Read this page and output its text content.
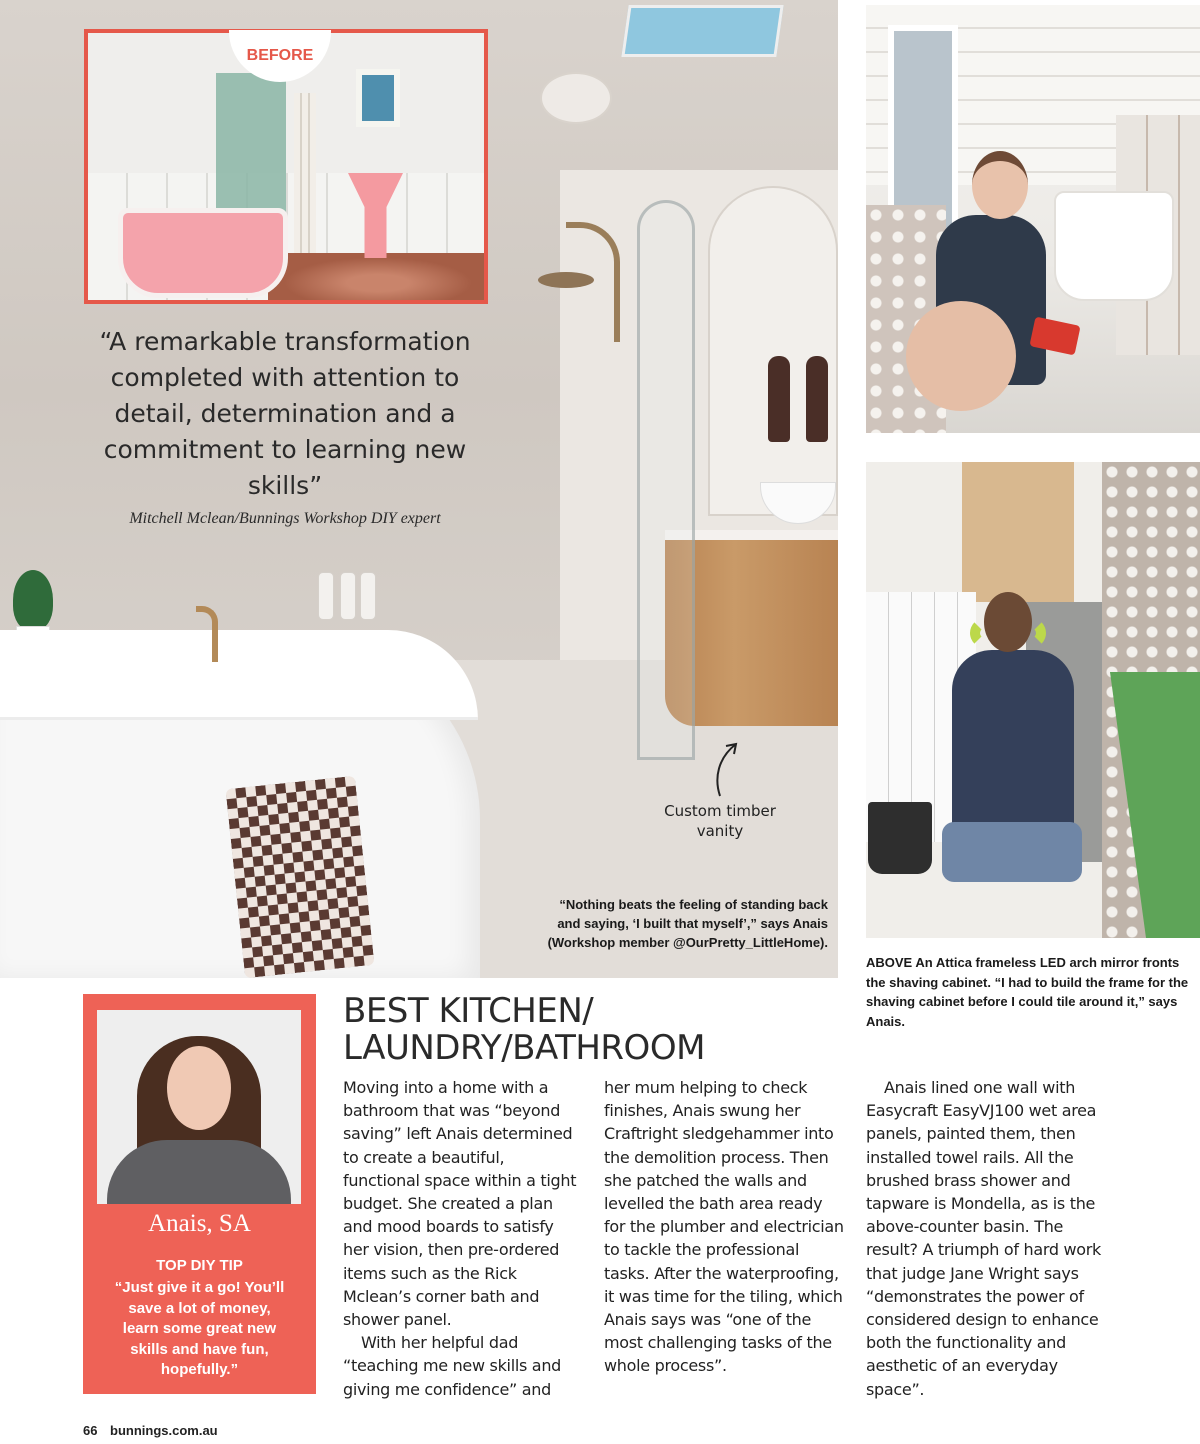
Custom timber vanity
“Nothing beats the feeling of standing back and saying, ‘I built that myself’,” says Anais (Workshop member @OurPretty_LittleHome).
BEFORE
“A remarkable transformation completed with attention to detail, determination and a commitment to learning new skills”
Mitchell Mclean/Bunnings Workshop DIY expert
ABOVE An Attica frameless LED arch mirror fronts the shaving cabinet. “I had to build the frame for the shaving cabinet before I could tile around it,” says Anais.
Anais, SA
TOP DIY TIP
“Just give it a go! You’ll save a lot of money, learn some great new skills and have fun, hopefully.”
BEST KITCHEN/ LAUNDRY/BATHROOM

Moving into a home with a bathroom that was “beyond saving” left Anais determined to create a beautiful, functional space within a tight budget. She created a plan and mood boards to satisfy her vision, then pre-ordered items such as the Rick Mclean’s corner bath and shower panel.

With her helpful dad “teaching me new skills and giving me confidence” and

her mum helping to check finishes, Anais swung her Craftright sledgehammer into the demolition process. Then she patched the walls and levelled the bath area ready for the plumber and electrician to tackle the professional tasks. After the waterproofing, it was time for the tiling, which Anais says was “one of the most challenging tasks of the whole process”.

Anais lined one wall with Easycraft EasyVJ100 wet area panels, painted them, then installed towel rails. All the brushed brass shower and tapware is Mondella, as is the above-counter basin. The result? A triumph of hard work that judge Jane Wright says “demonstrates the power of considered design to enhance both the functionality and aesthetic of an everyday space”.

66 bunnings.com.au
